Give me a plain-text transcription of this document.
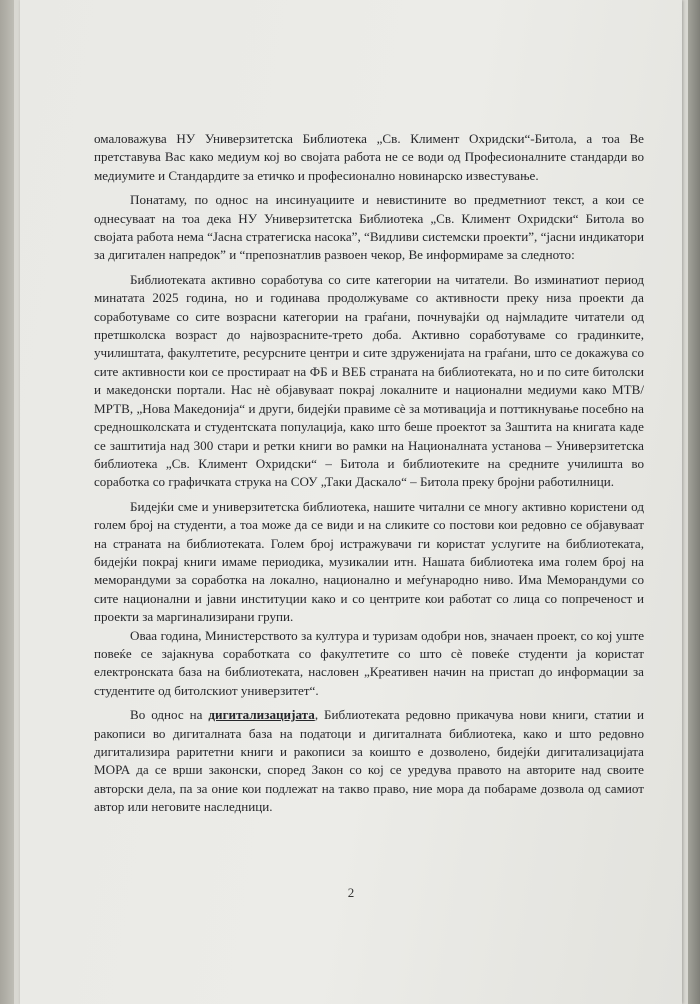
омаловажува НУ Универзитетска Библиотека „Св. Климент Охридски“-Битола, а тоа Ве претставува Вас како медиум кој во својата работа не се води од Професионалните стандарди во медиумите и Стандардите за етичко и професионално новинарско известување.

Понатаму, по однос на инсинуациите и невистините во предметниот текст, а кои се однесуваат на тоа дека НУ Универзитетска Библиотека „Св. Климент Охридски“ Битола во својата работа нема “Јасна стратегиска насока”, “Видливи системски проекти”, “јасни индикатори за дигитален напредок” и “препознатлив развоен чекор, Ве информираме за следното:

Библиотеката активно соработува со сите категории на читатели. Во изминатиот период минатата 2025 година, но и годинава продолжуваме со активности преку низа проекти да соработуваме со сите возрасни категории на граѓани, почнувајќи од најмладите читатели од претшколска возраст до највозрасните-трето доба. Активно соработуваме со градинките, училиштата, факултетите, ресурсните центри и сите здруженијата на граѓани, што се докажува со сите активности кои се простираат на ФБ и ВЕБ страната на библиотеката, но и по сите битолски и македонски портали. Нас нè објавуваат покрај локалните и национални медиуми како МТВ/ МРТВ, „Нова Македонија“ и други, бидејќи правиме сè за мотивација и поттикнување посебно на средношколската и студентската популација, како што беше проектот за Заштита на книгата каде се заштитија над 300 стари и ретки книги во рамки на Националната установа – Универзитетска библиотека „Св. Климент Охридски“ – Битола и библиотеките на средните училишта во соработка со графичката струка на СОУ „Таки Даскало“ – Битола преку бројни работилници.

Бидејќи сме и универзитетска библиотека, нашите читални се многу активно користени од голем број на студенти, а тоа може да се види и на сликите со постови кои редовно се објавуваат на страната на библиотеката. Голем број истражувачи ги користат услугите на библиотеката, бидејќи покрај книги имаме периодика, музикалии итн. Нашата библиотека има голем број на меморандуми за соработка на локално, национално и меѓународно ниво. Има Меморандуми со сите национални и јавни институции како и со центрите кои работат со лица со попреченост и проекти за маргинализирани групи.

Оваа година, Министерството за култура и туризам одобри нов, значаен проект, со кој уште повеќе се зајакнува соработката со факултетите со што сè повеќе студенти ја користат електронската база на библиотеката, насловен „Креативен начин на пристап до информации за студентите од битолскиот универзитет“.

Во однос на дигитализацијата, Библиотеката редовно прикачува нови книги, статии и ракописи во дигиталната база на податоци и дигиталната библиотека, како и што редовно дигитализира раритетни книги и ракописи за коишто е дозволено, бидејќи дигитализацијата МОРА да се врши законски, според Закон со кој се уредува правото на авторите над своите авторски дела, па за оние кои подлежат на такво право, ние мора да побараме дозвола од самиот автор или неговите наследници.

2
